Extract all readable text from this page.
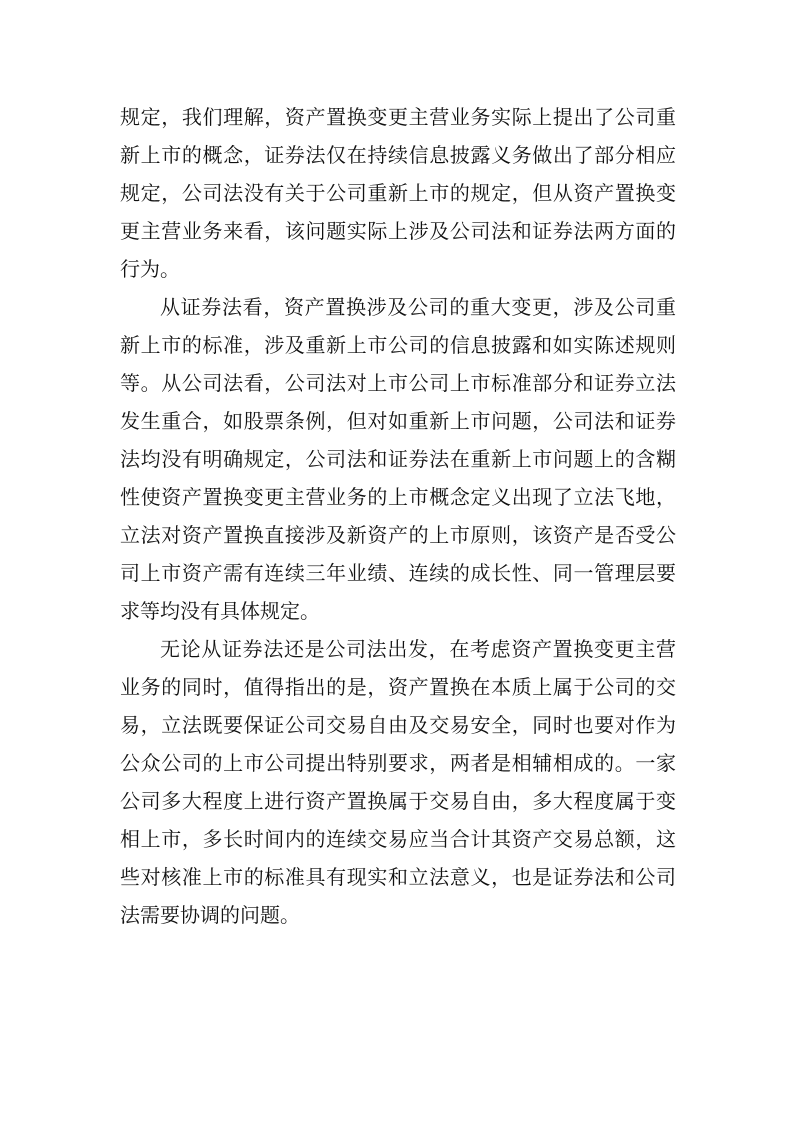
规定，我们理解，资产置换变更主营业务实际上提出了公司重新上市的概念，证券法仅在持续信息披露义务做出了部分相应规定，公司法没有关于公司重新上市的规定，但从资产置换变更主营业务来看，该问题实际上涉及公司法和证券法两方面的行为。

从证券法看，资产置换涉及公司的重大变更，涉及公司重新上市的标准，涉及重新上市公司的信息披露和如实陈述规则等。从公司法看，公司法对上市公司上市标准部分和证券立法发生重合，如股票条例，但对如重新上市问题，公司法和证券法均没有明确规定，公司法和证券法在重新上市问题上的含糊性使资产置换变更主营业务的上市概念定义出现了立法飞地，立法对资产置换直接涉及新资产的上市原则，该资产是否受公司上市资产需有连续三年业绩、连续的成长性、同一管理层要求等均没有具体规定。

无论从证券法还是公司法出发，在考虑资产置换变更主营业务的同时，值得指出的是，资产置换在本质上属于公司的交易，立法既要保证公司交易自由及交易安全，同时也要对作为公众公司的上市公司提出特别要求，两者是相辅相成的。一家公司多大程度上进行资产置换属于交易自由，多大程度属于变相上市，多长时间内的连续交易应当合计其资产交易总额，这些对核准上市的标准具有现实和立法意义，也是证券法和公司法需要协调的问题。
